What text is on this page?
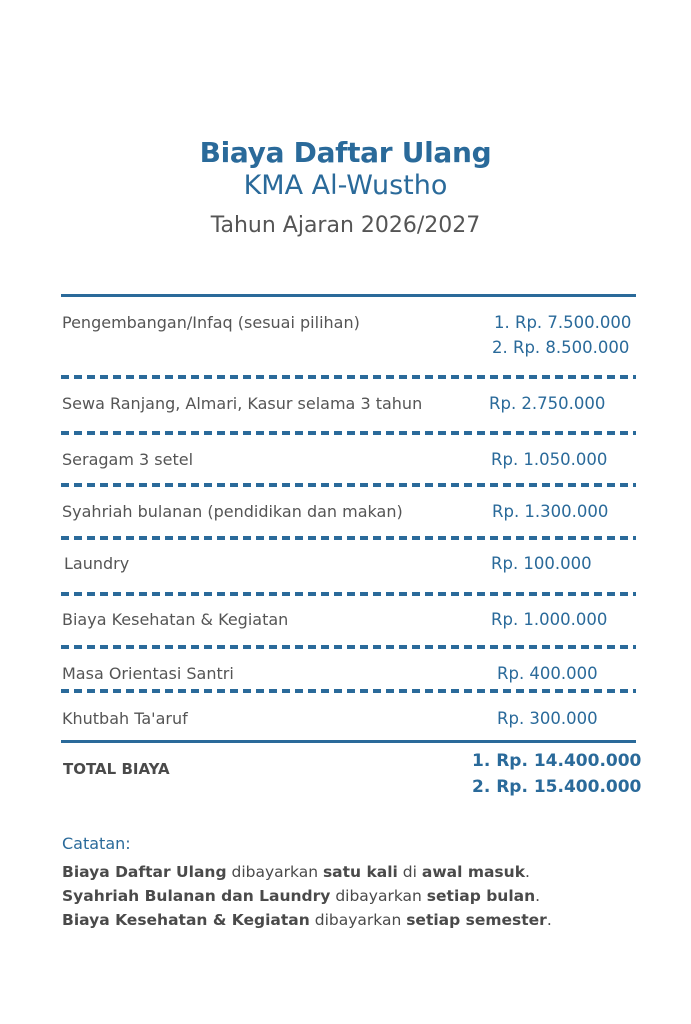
Biaya Daftar Ulang
KMA Al-Wustho
Tahun Ajaran 2026/2027
Pengembangan/Infaq (sesuai pilihan)	1. Rp. 7.500.000
2. Rp. 8.500.000
Sewa Ranjang, Almari, Kasur selama 3 tahun	Rp. 2.750.000
Seragam 3 setel	Rp. 1.050.000
Syahriah bulanan (pendidikan dan makan)	Rp. 1.300.000
Laundry	Rp. 100.000
Biaya Kesehatan & Kegiatan	Rp. 1.000.000
Masa Orientasi Santri	Rp. 400.000
Khutbah Ta'aruf	Rp. 300.000
TOTAL BIAYA	1. Rp. 14.400.000
2. Rp. 15.400.000
Catatan:
Biaya Daftar Ulang dibayarkan satu kali di awal masuk.
Syahriah Bulanan dan Laundry dibayarkan setiap bulan.
Biaya Kesehatan & Kegiatan dibayarkan setiap semester.
